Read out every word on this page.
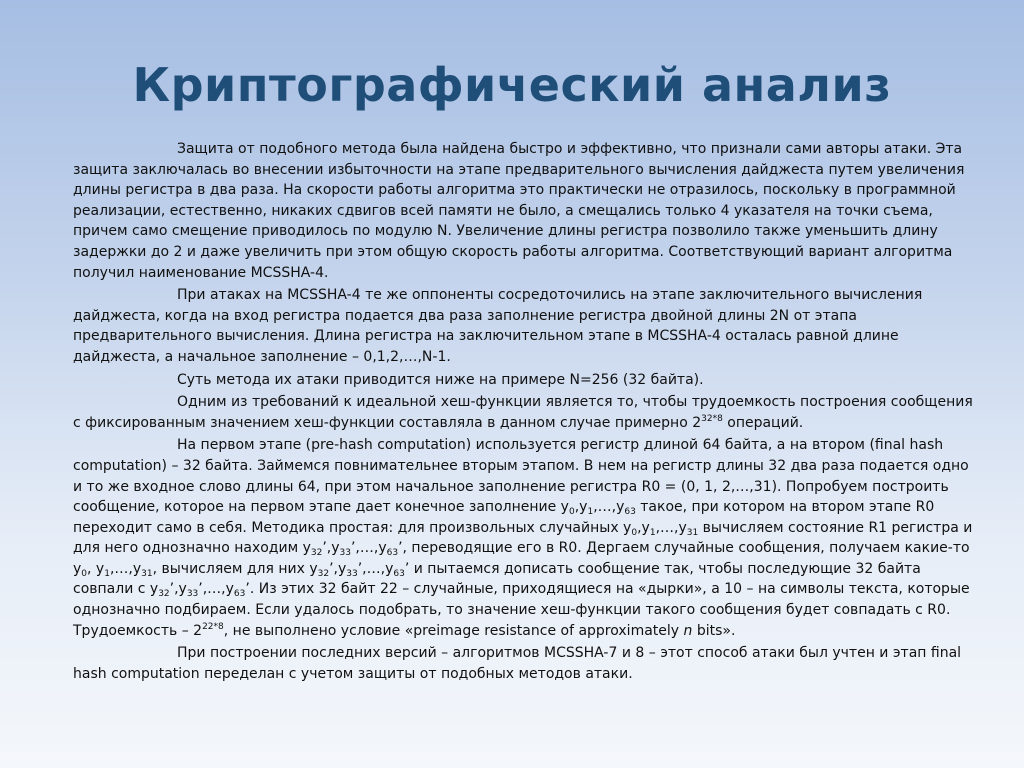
Криптографический анализ

Защита от подобного метода была найдена быстро и эффективно, что признали сами авторы атаки. Эта защита заключалась во внесении избыточности на этапе предварительного вычисления дайджеста путем увеличения длины регистра в два раза. На скорости работы алгоритма это практически не отразилось, поскольку в программной реализации, естественно, никаких сдвигов всей памяти не было, а смещались только 4 указателя на точки съема, причем само смещение приводилось по модулю N. Увеличение длины регистра позволило также уменьшить длину задержки до 2 и даже увеличить при этом общую скорость работы алгоритма. Соответствующий вариант алгоритма получил наименование MCSSHA-4.

При атаках на MCSSHA-4 те же оппоненты сосредоточились на этапе заключительного вычисления дайджеста, когда на вход регистра подается два раза заполнение регистра двойной длины 2N от этапа предварительного вычисления. Длина регистра на заключительном этапе в MCSSHA-4 осталась равной длине дайджеста, а начальное заполнение – 0,1,2,…,N-1.

Суть метода их атаки приводится ниже на примере N=256 (32 байта).

Одним из требований к идеальной хеш-функции является то, чтобы трудоемкость построения сообщения с фиксированным значением хеш-функции составляла в данном случае примерно $2^{32*8}$ операций.

На первом этапе (pre-hash computation) используется регистр длиной 64 байта, а на втором (final hash computation) – 32 байта. Займемся повнимательнее вторым этапом. В нем на регистр длины 32 два раза подается одно и то же входное слово длины 64, при этом начальное заполнение регистра R0 = (0, 1, 2,…,31). Попробуем построить сообщение, которое на первом этапе дает конечное заполнение $y_0,y_1,\dots,y_{63}$ такое, при котором на втором этапе R0 переходит само в себя. Методика простая: для произвольных случайных $y_0,y_1,\dots,y_{31}$ вычисляем состояние R1 регистра и для него однозначно находим $y_{32}’,y_{33}’,\dots,y_{63}$’, переводящие его в R0. Дергаем случайные сообщения, получаем какие-то $y_0$, $y_1,\dots,y_{31}$, вычисляем для них $y_{32}’,y_{33}’,\dots,y_{63}$’ и пытаемся дописать сообщение так, чтобы последующие 32 байта совпали с $y_{32}’,y_{33}’,\dots,y_{63}$’. Из этих 32 байт 22 – случайные, приходящиеся на «дырки», а 10 – на символы текста, которые однозначно подбираем. Если удалось подобрать, то значение хеш-функции такого сообщения будет совпадать с R0. Трудоемкость – $2^{22*8}$, не выполнено условие «preimage resistance of approximately n bits».

При построении последних версий – алгоритмов MCSSHA-7 и 8 – этот способ атаки был учтен и этап final hash computation переделан с учетом защиты от подобных методов атаки.
